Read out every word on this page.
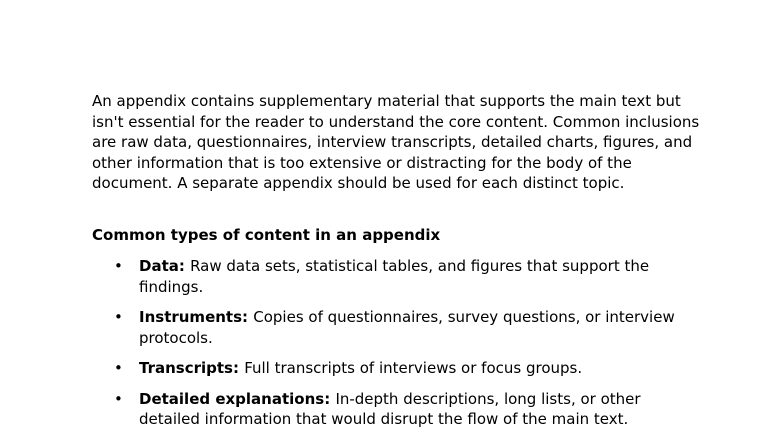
An appendix contains supplementary material that supports the main text but isn't essential for the reader to understand the core content. Common inclusions are raw data, questionnaires, interview transcripts, detailed charts, figures, and other information that is too extensive or distracting for the body of the document. A separate appendix should be used for each distinct topic.

Common types of content in an appendix

• Data: Raw data sets, statistical tables, and figures that support the findings.
• Instruments: Copies of questionnaires, survey questions, or interview protocols.
• Transcripts: Full transcripts of interviews or focus groups.
• Detailed explanations: In-depth descriptions, long lists, or other detailed information that would disrupt the flow of the main text.
